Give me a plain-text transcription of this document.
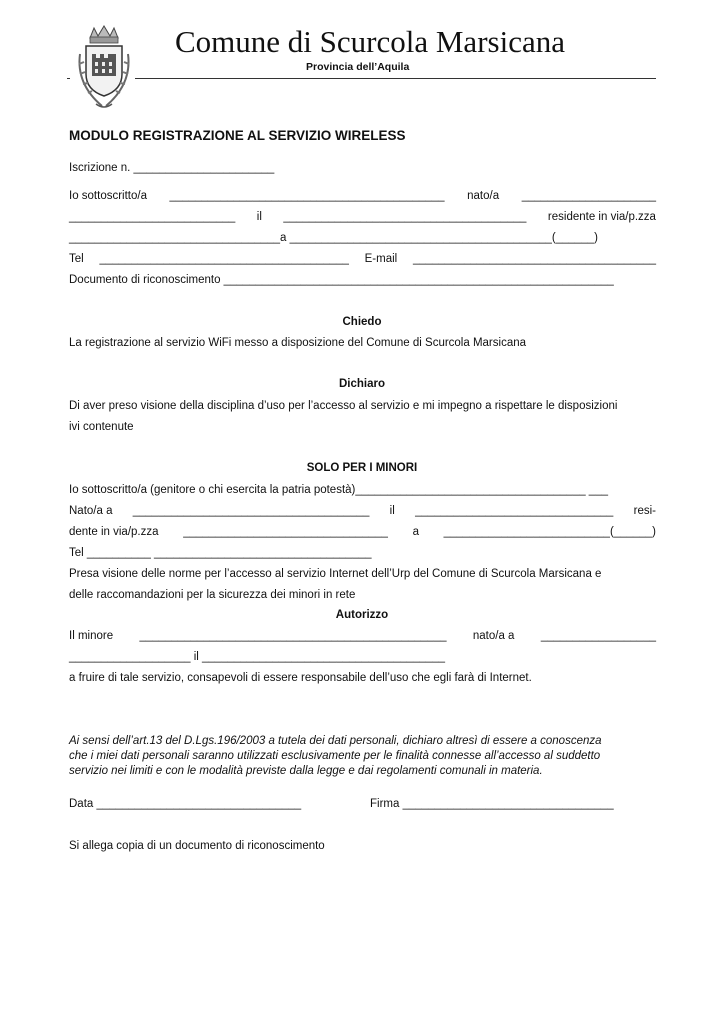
Comune di Scurcola Marsicana
Provincia dell’Aquila
MODULO REGISTRAZIONE AL SERVIZIO WIRELESS
Iscrizione n. ______________________
Io sottoscritto/a ___________________________________________ nato/a _____________________
__________________________ il ______________________________________ residente in via/p.zza
_________________________________a _________________________________________(______)
Tel _______________________________________ E-mail ______________________________________
Documento di riconoscimento _____________________________________________________________
Chiedo
La registrazione al servizio WiFi messo a disposizione del Comune di Scurcola Marsicana
Dichiaro
Di aver preso visione della disciplina d’uso per l’accesso al servizio e mi impegno a rispettare le disposizioni
ivi contenute
SOLO PER I MINORI
Io sottoscritto/a (genitore o chi esercita la patria potestà)____________________________________ ___
Nato/a a _____________________________________ il _______________________________ resi-
dente in via/p.zza ________________________________ a __________________________(______)
Tel __________ __________________________________
Presa visione delle norme per l’accesso al servizio Internet dell’Urp del Comune di Scurcola Marsicana e
delle raccomandazioni per la sicurezza dei minori in rete
Autorizzo
Il minore ________________________________________________ nato/a a __________________
___________________ il ______________________________________
a fruire di tale servizio, consapevoli di essere responsabile dell’uso che egli farà di Internet.
Ai sensi dell’art.13 del D.Lgs.196/2003 a tutela dei dati personali, dichiaro altresì di essere a conoscenza
che i miei dati personali saranno utilizzati esclusivamente per le finalità connesse all’accesso al suddetto
servizio nei limiti e con le modalità previste dalla legge e dai regolamenti comunali in materia.
Data ________________________________	Firma _________________________________
Si allega copia di un documento di riconoscimento
